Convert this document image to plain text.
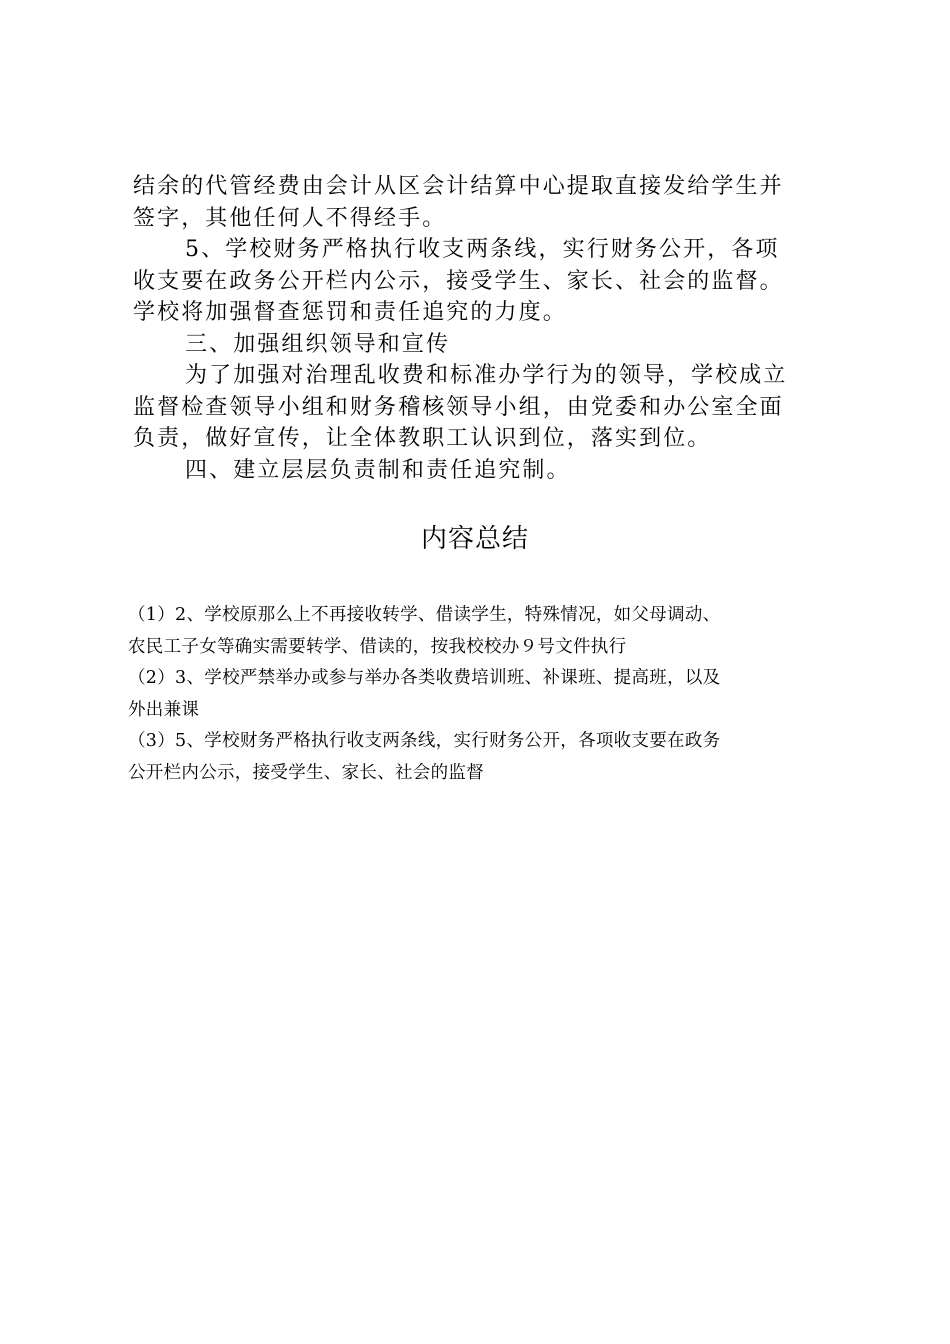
结余的代管经费由会计从区会计结算中心提取直接发给学生并

签字，其他任何人不得经手。

5、学校财务严格执行收支两条线，实行财务公开，各项

收支要在政务公开栏内公示，接受学生、家长、社会的监督。

学校将加强督查惩罚和责任追究的力度。

三、加强组织领导和宣传

为了加强对治理乱收费和标准办学行为的领导，学校成立

监督检查领导小组和财务稽核领导小组，由党委和办公室全面

负责，做好宣传，让全体教职工认识到位，落实到位。

四、建立层层负责制和责任追究制。

内容总结

（1）2、学校原那么上不再接收转学、借读学生，特殊情况，如父母调动、

农民工子女等确实需要转学、借读的，按我校校办９号文件执行

（2）3、学校严禁举办或参与举办各类收费培训班、补课班、提高班，以及

外出兼课

（3）5、学校财务严格执行收支两条线，实行财务公开，各项收支要在政务

公开栏内公示，接受学生、家长、社会的监督
